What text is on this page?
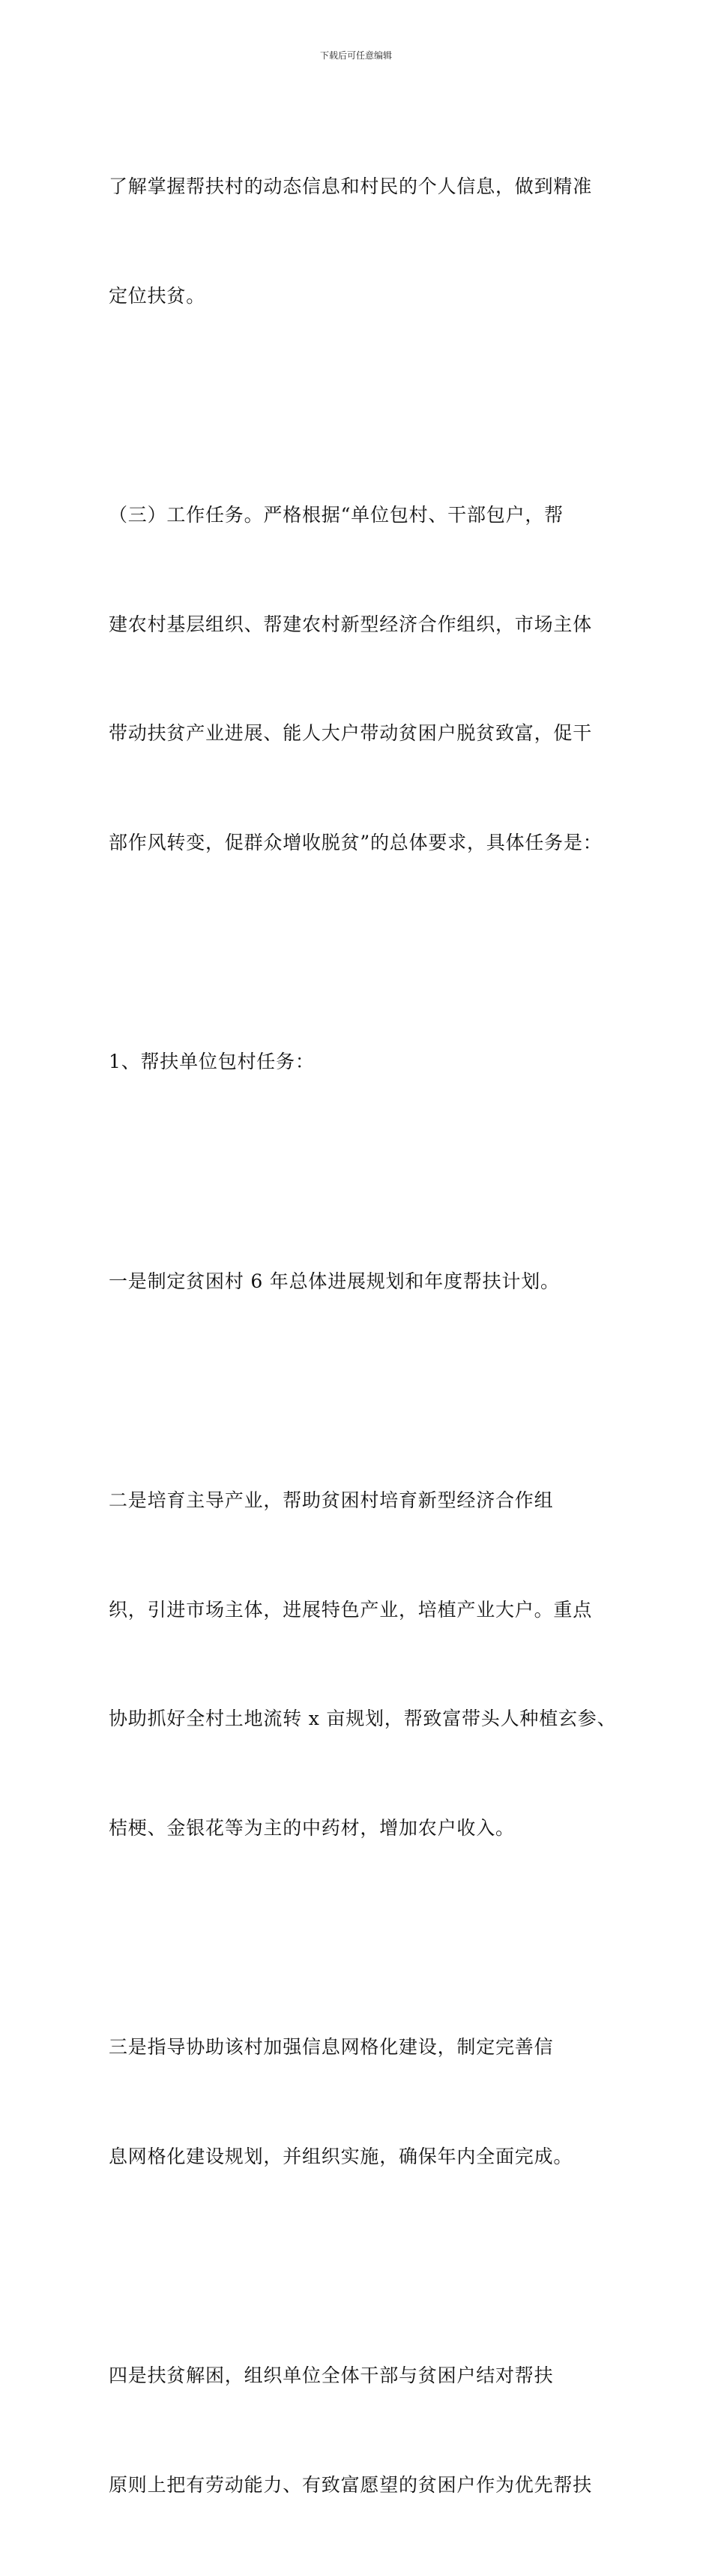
下载后可任意编辑

了解掌握帮扶村的动态信息和村民的个人信息，做到精准

定位扶贫。

（三）工作任务。严格根据“单位包村、干部包户，帮

建农村基层组织、帮建农村新型经济合作组织，市场主体

带动扶贫产业进展、能人大户带动贫困户脱贫致富，促干

部作风转变，促群众增收脱贫”的总体要求，具体任务是：

1、帮扶单位包村任务：

一是制定贫困村 6 年总体进展规划和年度帮扶计划。

二是培育主导产业，帮助贫困村培育新型经济合作组

织，引进市场主体，进展特色产业，培植产业大户。重点

协助抓好全村土地流转 x 亩规划，帮致富带头人种植玄参、

桔梗、金银花等为主的中药材，增加农户收入。

三是指导协助该村加强信息网格化建设，制定完善信

息网格化建设规划，并组织实施，确保年内全面完成。

四是扶贫解困，组织单位全体干部与贫困户结对帮扶

原则上把有劳动能力、有致富愿望的贫困户作为优先帮扶
